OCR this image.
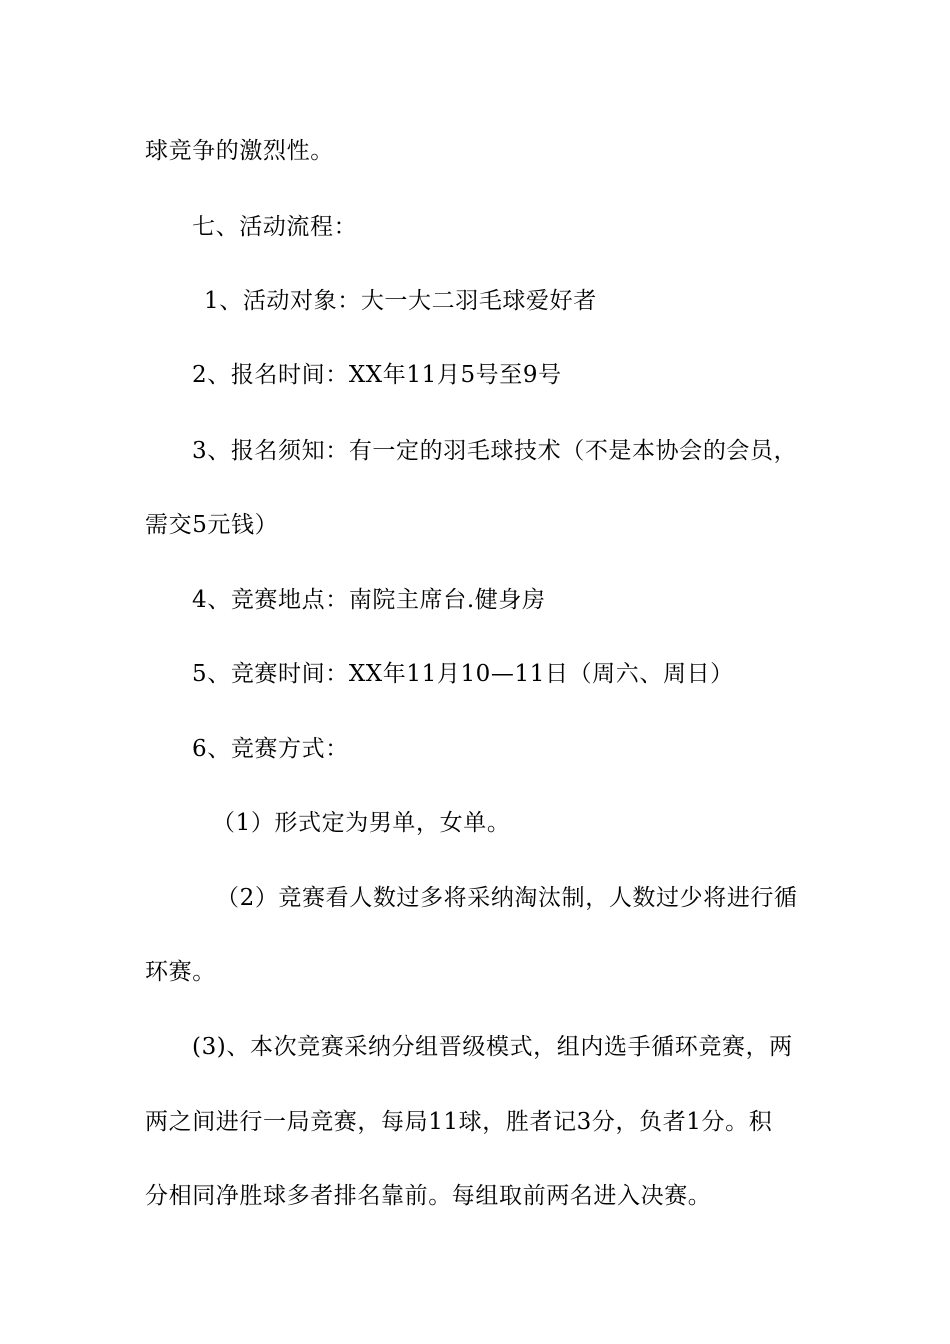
球竞争的激烈性。
七、活动流程：
1、活动对象：大一大二羽毛球爱好者
2、报名时间：XX年11月5号至9号
3、报名须知：有一定的羽毛球技术（不是本协会的会员，
需交5元钱）
4、竞赛地点：南院主席台.健身房
5、竞赛时间：XX年11月10—11日（周六、周日）
6、竞赛方式：
（1）形式定为男单，女单。
（2）竞赛看人数过多将采纳淘汰制，人数过少将进行循
环赛。
(3)、本次竞赛采纳分组晋级模式，组内选手循环竞赛，两
两之间进行一局竞赛，每局11球，胜者记3分，负者1分。积
分相同净胜球多者排名靠前。每组取前两名进入决赛。
